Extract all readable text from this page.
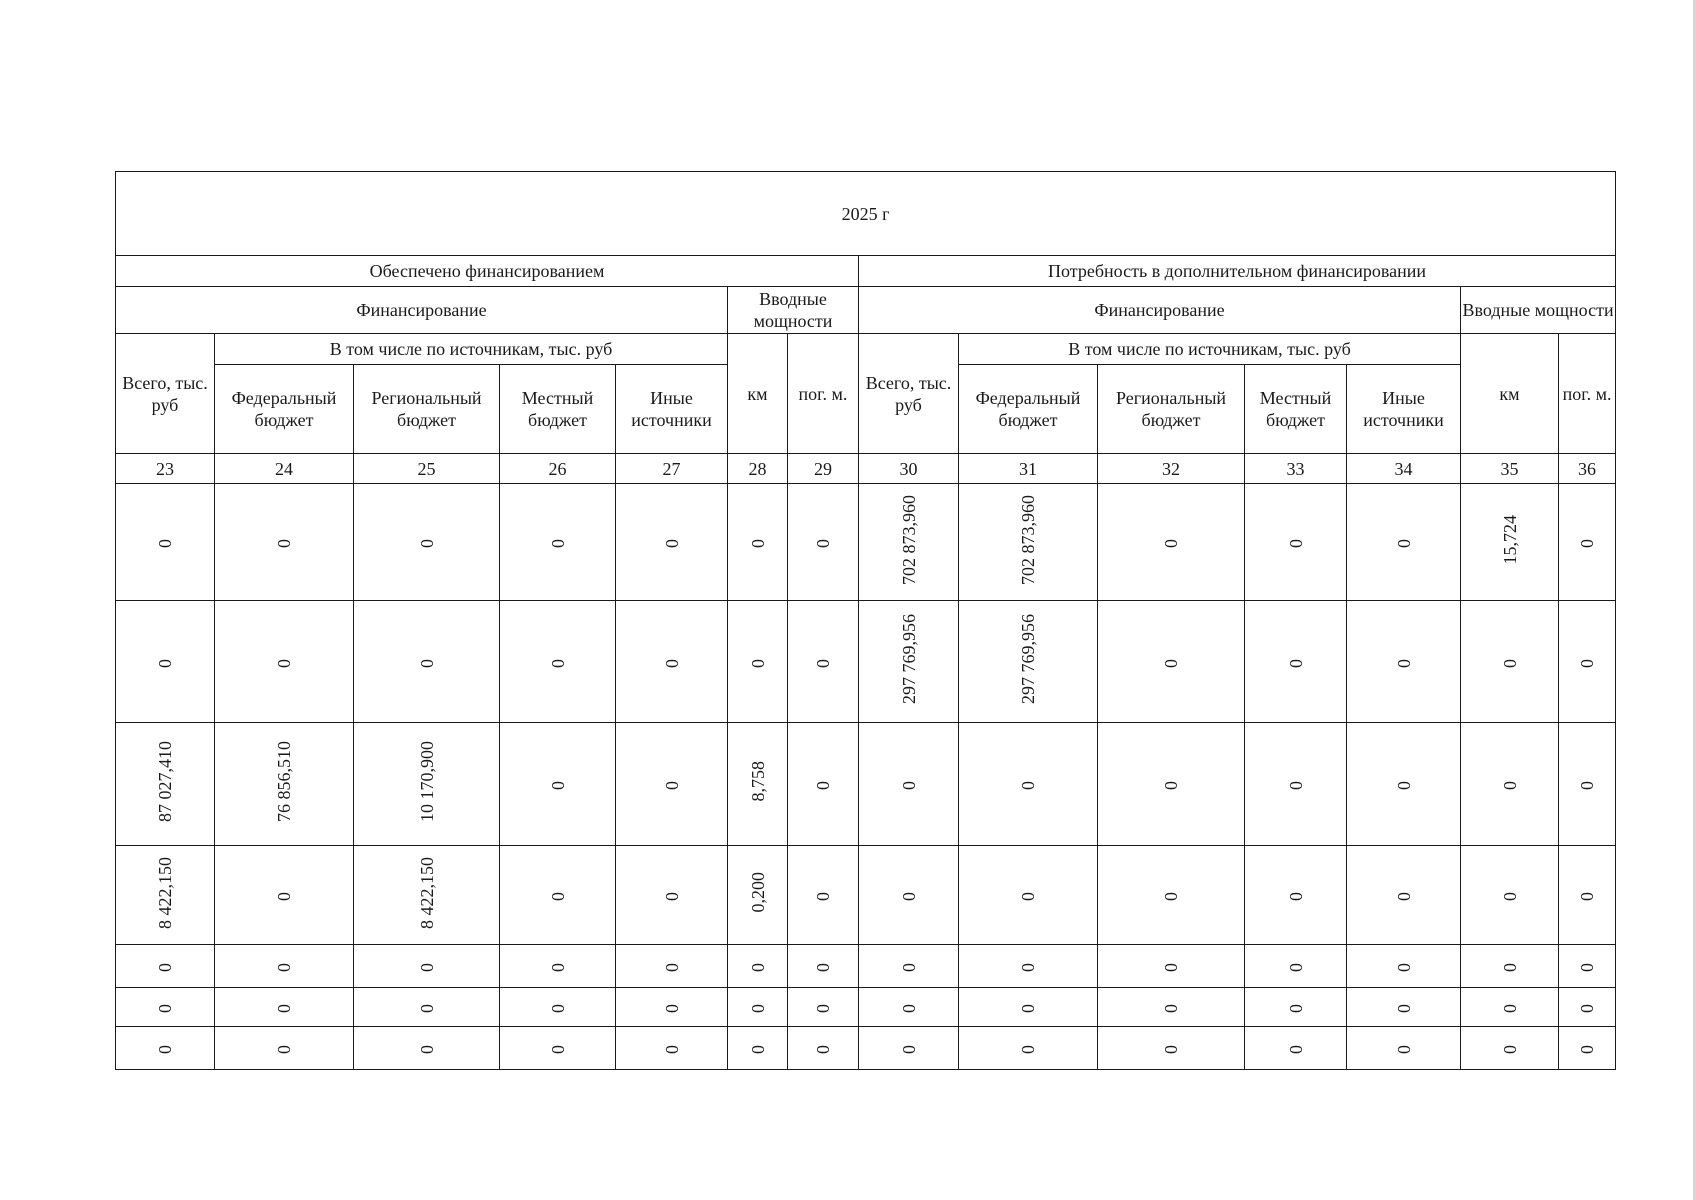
2025 г													
Обеспечено финансированием							Потребность в дополнительном финансировании						
Финансирование					Вводные мощности		Финансирование					Вводные мощности	
Всего, тыс. руб	В том числе по источникам, тыс. руб				км	пог. м.	Всего, тыс. руб	В том числе по источникам, тыс. руб				км	пог. м.
	Федеральный бюджет	Региональный бюджет	Местный бюджет	Иные источники				Федеральный бюджет	Региональный бюджет	Местный бюджет	Иные источники		
23	24	25	26	27	28	29	30	31	32	33	34	35	36
0	0	0	0	0	0	0	702 873,960	702 873,960	0	0	0	15,724	0
0	0	0	0	0	0	0	297 769,956	297 769,956	0	0	0	0	0
87 027,410	76 856,510	10 170,900	0	0	8,758	0	0	0	0	0	0	0	0
8 422,150	0	8 422,150	0	0	0,200	0	0	0	0	0	0	0	0
0	0	0	0	0	0	0	0	0	0	0	0	0	0
0	0	0	0	0	0	0	0	0	0	0	0	0	0
0	0	0	0	0	0	0	0	0	0	0	0	0	0
